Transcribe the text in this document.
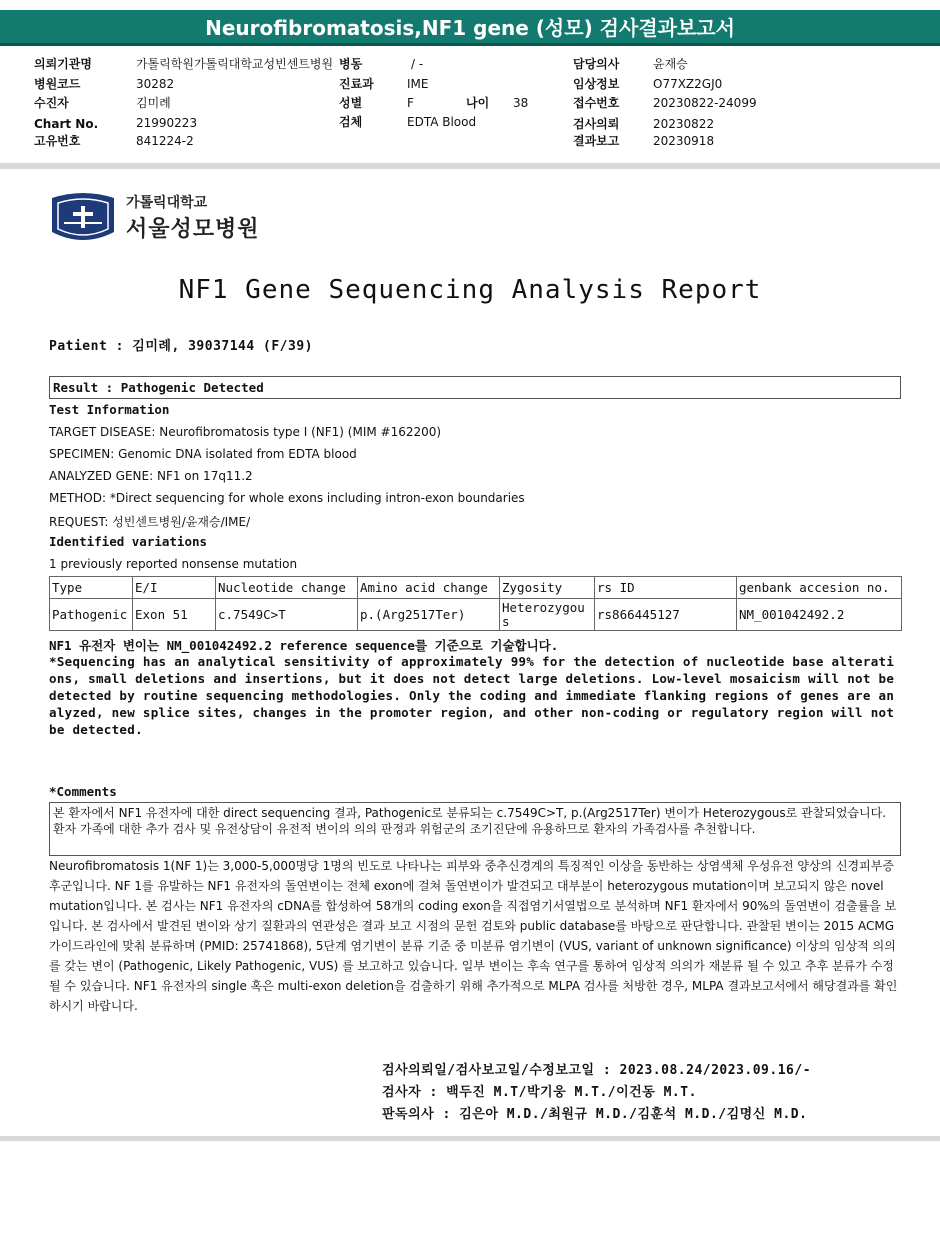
Neurofibromatosis,NF1 gene (성모) 검사결과보고서
의뢰기관명	가톨릭학원가톨릭대학교성빈센트병원 병동	/ -	담당의사	윤재승
병원코드	30282	진료과	IME	임상정보	O77XZ2GJ0
수진자	김미례	성별	F	나이 38	접수번호	20230822-24099
Chart No.	21990223	검체	EDTA Blood	검사의뢰	20230822
고유번호	841224-2	결과보고	20230918
가톨릭대학교
서울성모병원
NF1 Gene Sequencing Analysis Report
Patient : 김미례, 39037144 (F/39)
Result : Pathogenic Detected
Test Information
TARGET DISEASE: Neurofibromatosis type I (NF1) (MIM #162200)
SPECIMEN: Genomic DNA isolated from EDTA blood
ANALYZED GENE: NF1 on 17q11.2
METHOD: *Direct sequencing for whole exons including intron-exon boundaries
REQUEST: 성빈센트병원/윤재승/IME/
Identified variations
1 previously reported nonsense mutation
Type	E/I	Nucleotide change	Amino acid change	Zygosity	rs ID	genbank accesion no.
Pathogenic	Exon 51	c.7549C>T	p.(Arg2517Ter)	Heterozygous	rs866445127	NM_001042492.2
NF1 유전자 변이는 NM_001042492.2 reference sequence를 기준으로 기술합니다.
*Sequencing has an analytical sensitivity of approximately 99% for the detection of nucleotide base alterations, small deletions and insertions, but it does not detect large deletions. Low-level mosaicism will not be detected by routine sequencing methodologies. Only the coding and immediate flanking regions of genes are analyzed, new splice sites, changes in the promoter region, and other non-coding or regulatory region will not be detected.
*Comments
본 환자에서 NF1 유전자에 대한 direct sequencing 결과, Pathogenic로 분류되는 c.7549C>T, p.(Arg2517Ter) 변이가 Heterozygous로 관찰되었습니다. 환자 가족에 대한 추가 검사 및 유전상담이 유전적 변이의 의의 판정과 위험군의 조기진단에 유용하므로 환자의 가족검사를 추천합니다.
Neurofibromatosis 1(NF 1)는 3,000-5,000명당 1명의 빈도로 나타나는 피부와 중추신경계의 특징적인 이상을 동반하는 상염색체 우성유전 양상의 신경피부증후군입니다. NF 1를 유발하는 NF1 유전자의 돌연변이는 전체 exon에 걸쳐 돌연변이가 발견되고 대부분이 heterozygous mutation이며 보고되지 않은 novel mutation입니다. 본 검사는 NF1 유전자의 cDNA를 합성하여 58개의 coding exon을 직접염기서열법으로 분석하며 NF1 환자에서 90%의 돌연변이 검출률을 보입니다. 본 검사에서 발견된 변이와 상기 질환과의 연관성은 결과 보고 시점의 문헌 검토와 public database를 바탕으로 판단합니다. 관찰된 변이는 2015 ACMG 가이드라인에 맞춰 분류하며 (PMID: 25741868), 5단계 염기변이 분류 기준 중 미분류 염기변이 (VUS, variant of unknown significance) 이상의 임상적 의의를 갖는 변이 (Pathogenic, Likely Pathogenic, VUS) 를 보고하고 있습니다. 일부 변이는 후속 연구를 통하여 임상적 의의가 재분류 될 수 있고 추후 분류가 수정될 수 있습니다. NF1 유전자의 single 혹은 multi-exon deletion을 검출하기 위해 추가적으로 MLPA 검사를 처방한 경우, MLPA 결과보고서에서 해당결과를 확인하시기 바랍니다.
검사의뢰일/검사보고일/수정보고일 : 2023.08.24/2023.09.16/-
검사자 : 백두진 M.T/박기웅 M.T./이건동 M.T.
판독의사 : 김은아 M.D./최원규 M.D./김훈석 M.D./김명신 M.D.
